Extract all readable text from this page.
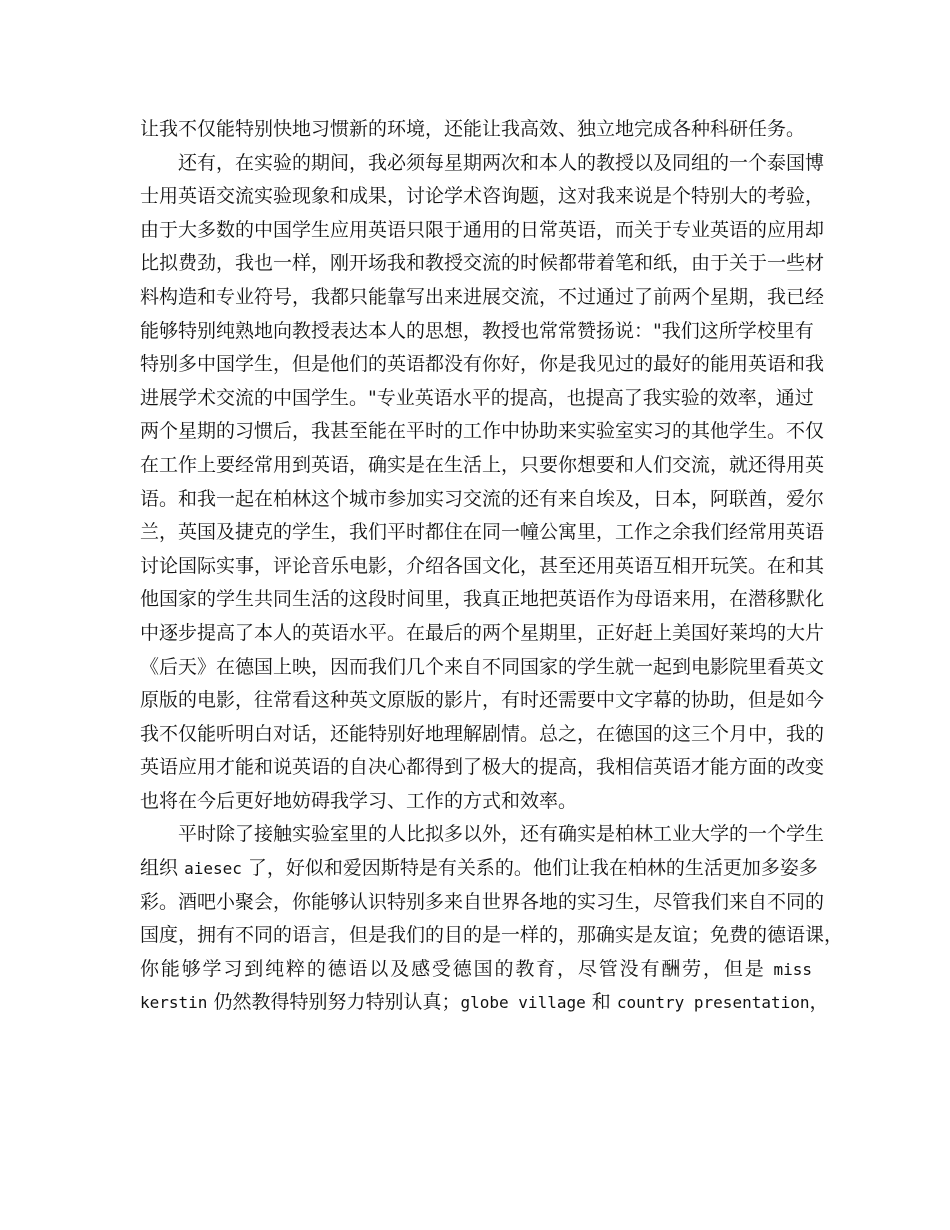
让我不仅能特别快地习惯新的环境，还能让我高效、独立地完成各种科研任务。
还有，在实验的期间，我必须每星期两次和本人的教授以及同组的一个泰国博
士用英语交流实验现象和成果，讨论学术咨询题，这对我来说是个特别大的考验，
由于大多数的中国学生应用英语只限于通用的日常英语，而关于专业英语的应用却
比拟费劲，我也一样，刚开场我和教授交流的时候都带着笔和纸，由于关于一些材
料构造和专业符号，我都只能靠写出来进展交流，不过通过了前两个星期，我已经
能够特别纯熟地向教授表达本人的思想，教授也常常赞扬说："我们这所学校里有
特别多中国学生，但是他们的英语都没有你好，你是我见过的最好的能用英语和我
进展学术交流的中国学生。"专业英语水平的提高，也提高了我实验的效率，通过
两个星期的习惯后，我甚至能在平时的工作中协助来实验室实习的其他学生。不仅
在工作上要经常用到英语，确实是在生活上，只要你想要和人们交流，就还得用英
语。和我一起在柏林这个城市参加实习交流的还有来自埃及，日本，阿联酋，爱尔
兰，英国及捷克的学生，我们平时都住在同一幢公寓里，工作之余我们经常用英语
讨论国际实事，评论音乐电影，介绍各国文化，甚至还用英语互相开玩笑。在和其
他国家的学生共同生活的这段时间里，我真正地把英语作为母语来用，在潜移默化
中逐步提高了本人的英语水平。在最后的两个星期里，正好赶上美国好莱坞的大片
《后天》在德国上映，因而我们几个来自不同国家的学生就一起到电影院里看英文
原版的电影，往常看这种英文原版的影片，有时还需要中文字幕的协助，但是如今
我不仅能听明白对话，还能特别好地理解剧情。总之，在德国的这三个月中，我的
英语应用才能和说英语的自决心都得到了极大的提高，我相信英语才能方面的改变
也将在今后更好地妨碍我学习、工作的方式和效率。
平时除了接触实验室里的人比拟多以外，还有确实是柏林工业大学的一个学生
组织 aiesec 了，好似和爱因斯特是有关系的。他们让我在柏林的生活更加多姿多
彩。酒吧小聚会，你能够认识特别多来自世界各地的实习生，尽管我们来自不同的
国度，拥有不同的语言，但是我们的目的是一样的，那确实是友谊；免费的德语课，
你能够学习到纯粹的德语以及感受德国的教育，尽管没有酬劳，但是 miss
kerstin 仍然教得特别努力特别认真；globe village 和 country presentation，
